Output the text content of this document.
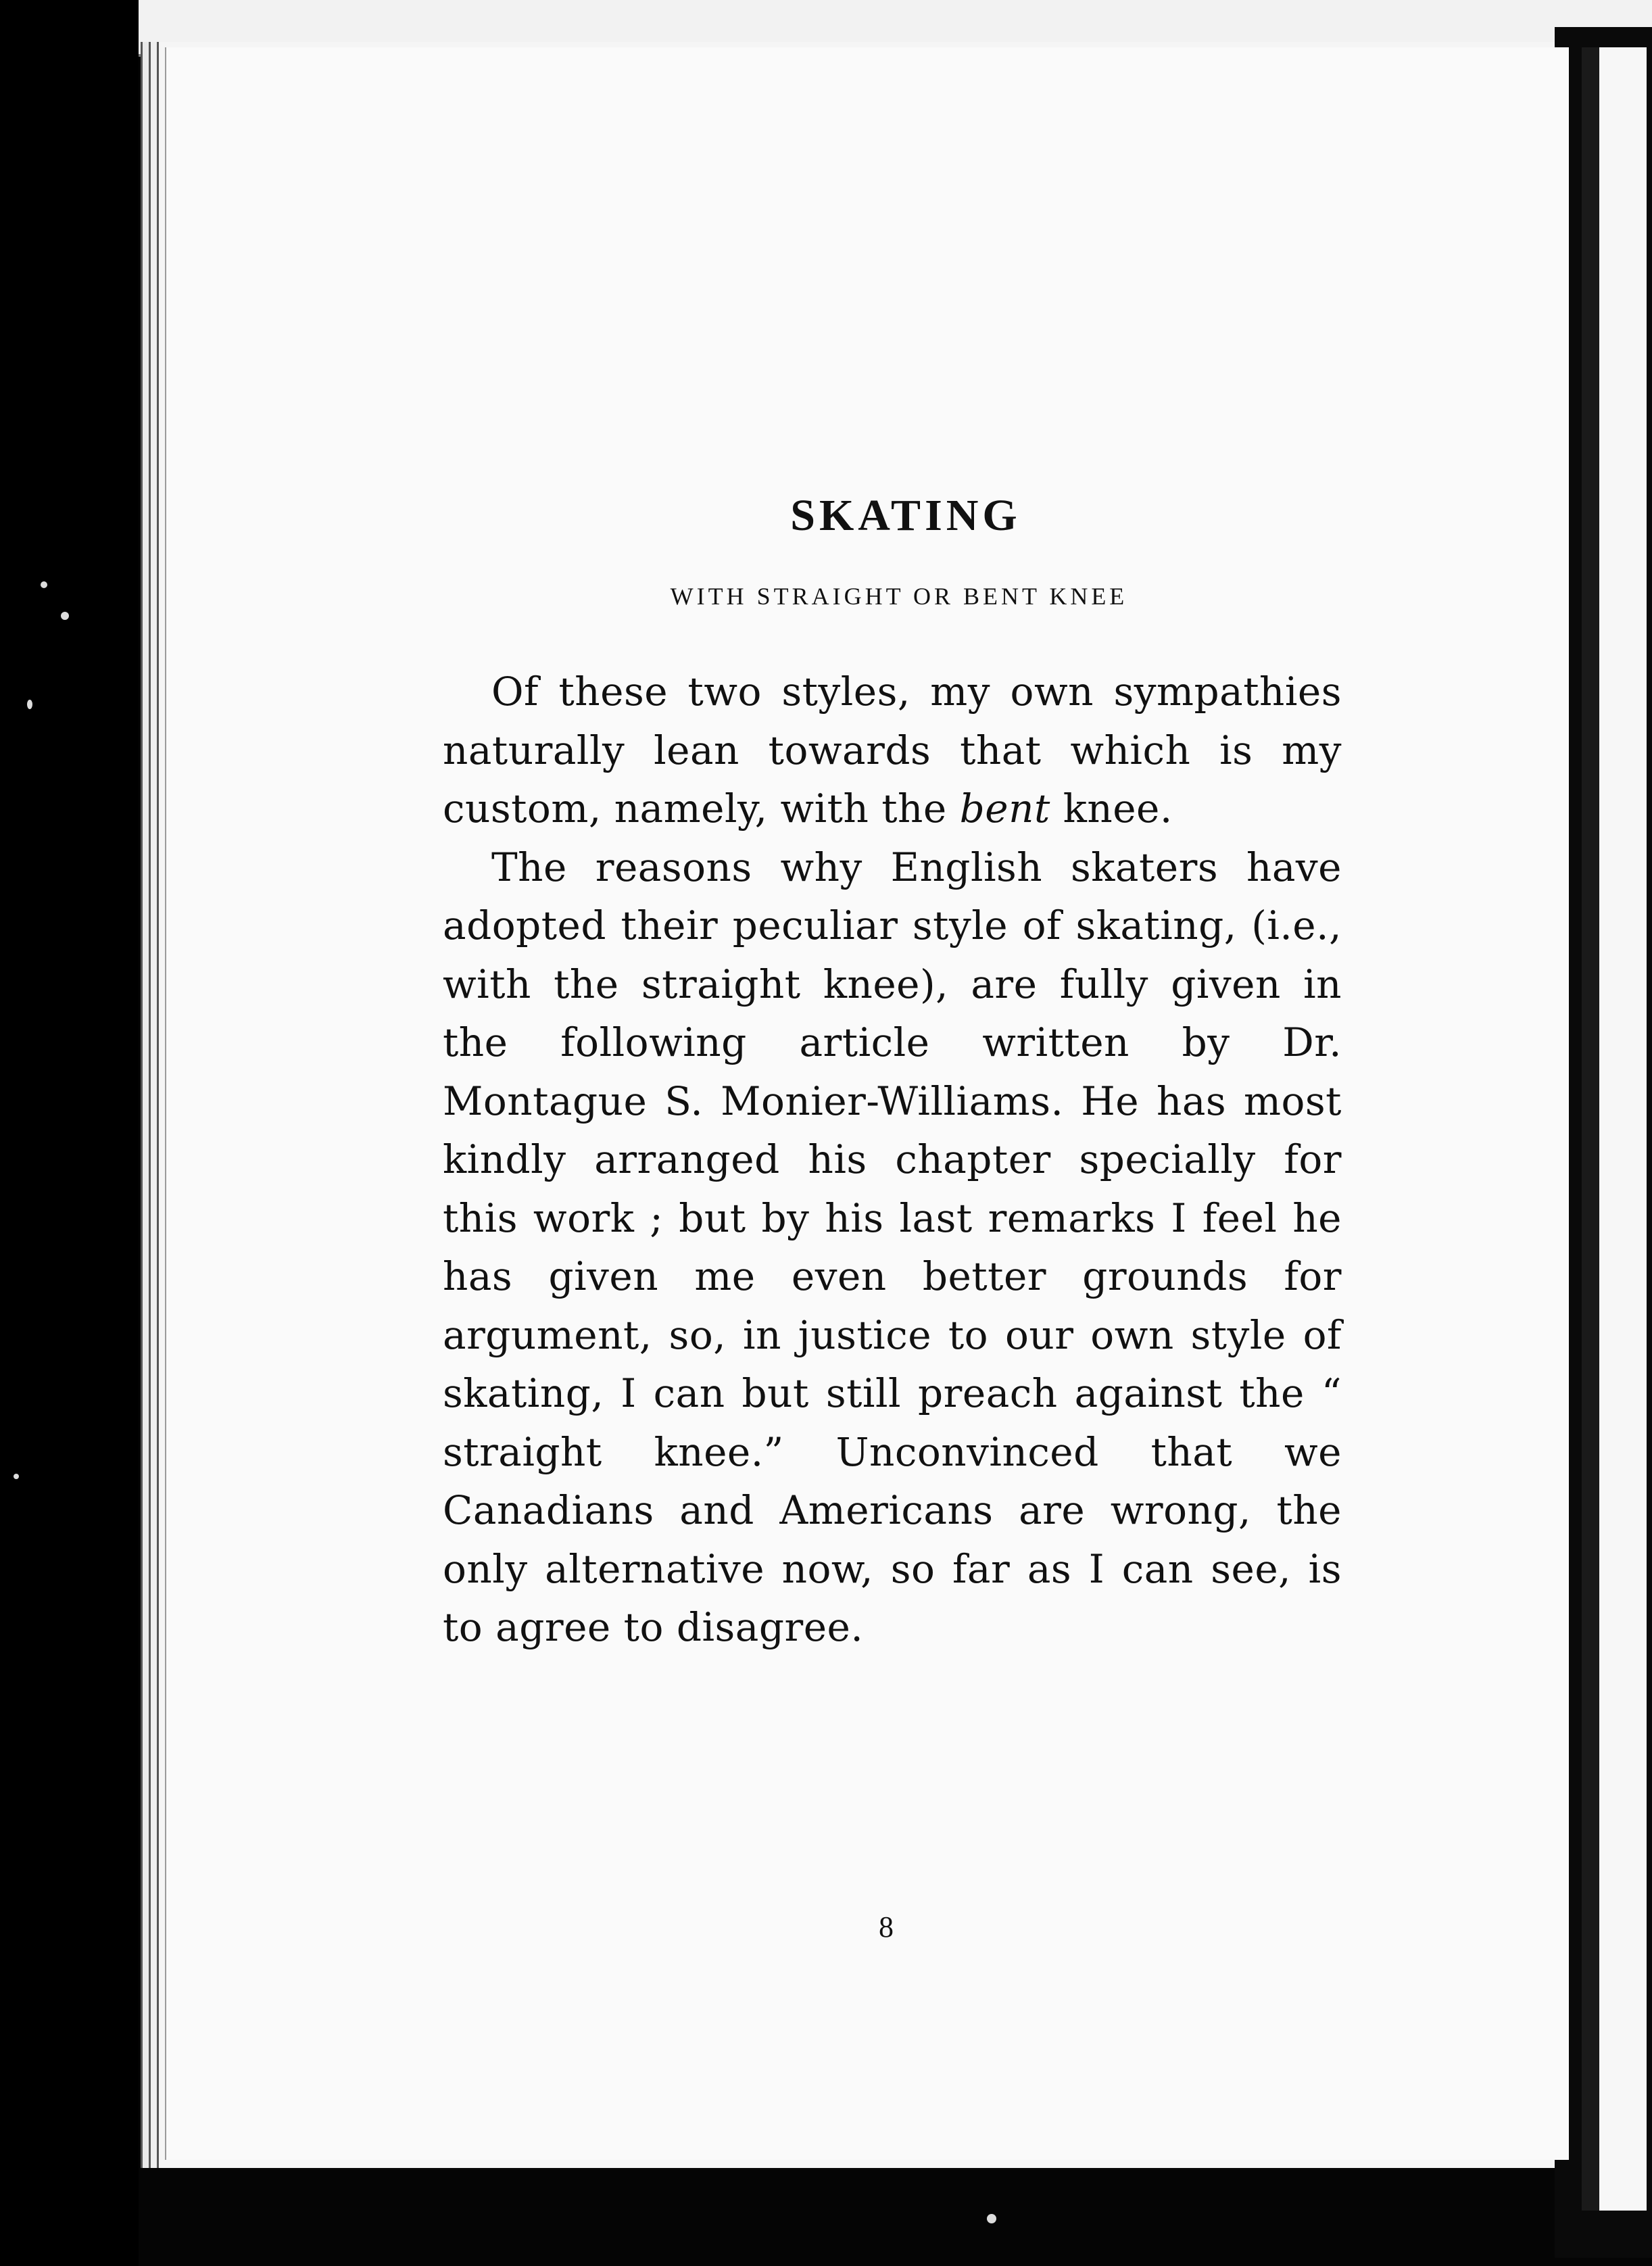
SKATING
WITH STRAIGHT OR BENT KNEE

Of these two styles, my own sympathies naturally lean towards that which is my custom, namely, with the bent knee.

The reasons why English skaters have adopted their peculiar style of skating, (i.e., with the straight knee), are fully given in the following article written by Dr. Montague S. Monier-Williams. He has most kindly arranged his chapter specially for this work ; but by his last remarks I feel he has given me even better grounds for argument, so, in justice to our own style of skating, I can but still preach against the “ straight knee.” Unconvinced that we Canadians and Americans are wrong, the only alternative now, so far as I can see, is to agree to disagree.

8
